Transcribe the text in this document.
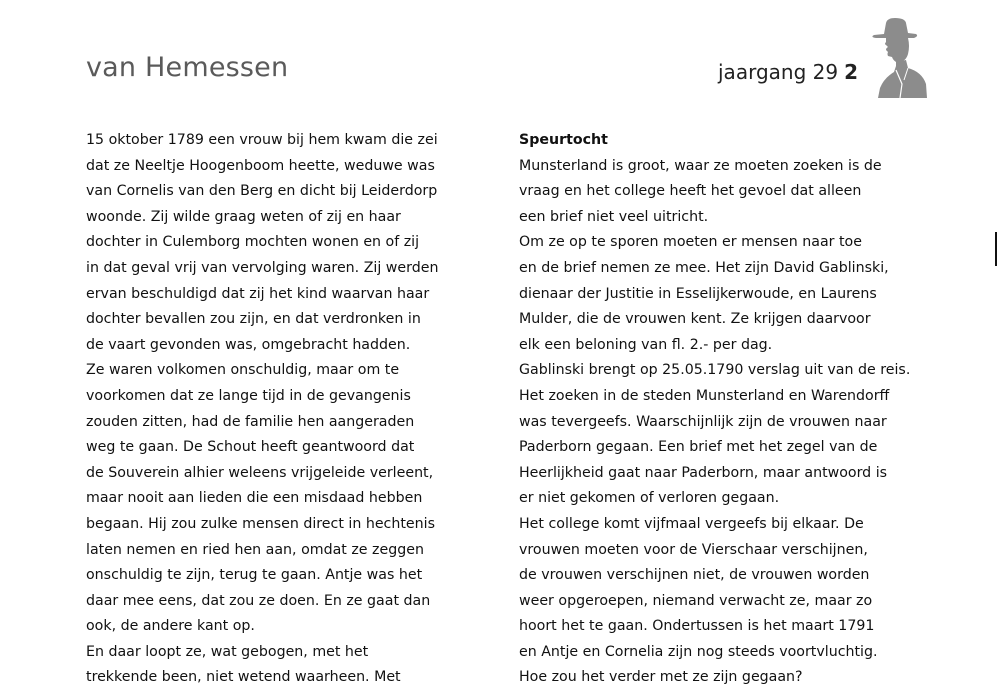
van Hemessen	jaargang 29 2
15 oktober 1789 een vrouw bij hem kwam die zei
dat ze Neeltje Hoogenboom heette, weduwe was
van Cornelis van den Berg en dicht bij Leiderdorp
woonde. Zij wilde graag weten of zij en haar
dochter in Culemborg mochten wonen en of zij
in dat geval vrij van vervolging waren. Zij werden
ervan beschuldigd dat zij het kind waarvan haar
dochter bevallen zou zijn, en dat verdronken in
de vaart gevonden was, omgebracht hadden.
Ze waren volkomen onschuldig, maar om te
voorkomen dat ze lange tijd in de gevangenis
zouden zitten, had de familie hen aangeraden
weg te gaan. De Schout heeft geantwoord dat
de Souverein alhier weleens vrijgeleide verleent,
maar nooit aan lieden die een misdaad hebben
begaan. Hij zou zulke mensen direct in hechtenis
laten nemen en ried hen aan, omdat ze zeggen
onschuldig te zijn, terug te gaan. Antje was het
daar mee eens, dat zou ze doen. En ze gaat dan
ook, de andere kant op.
En daar loopt ze, wat gebogen, met het
trekkende been, niet wetend waarheen. Met
Speurtocht
Munsterland is groot, waar ze moeten zoeken is de
vraag en het college heeft het gevoel dat alleen
een brief niet veel uitricht.
Om ze op te sporen moeten er mensen naar toe
en de brief nemen ze mee. Het zijn David Gablinski,
dienaar der Justitie in Esselijkerwoude, en Laurens
Mulder, die de vrouwen kent. Ze krijgen daarvoor
elk een beloning van fl. 2.- per dag.
Gablinski brengt op 25.05.1790 verslag uit van de reis.
Het zoeken in de steden Munsterland en Warendorff
was tevergeefs. Waarschijnlijk zijn de vrouwen naar
Paderborn gegaan. Een brief met het zegel van de
Heerlijkheid gaat naar Paderborn, maar antwoord is
er niet gekomen of verloren gegaan.
Het college komt vijfmaal vergeefs bij elkaar. De
vrouwen moeten voor de Vierschaar verschijnen,
de vrouwen verschijnen niet, de vrouwen worden
weer opgeroepen, niemand verwacht ze, maar zo
hoort het te gaan. Ondertussen is het maart 1791
en Antje en Cornelia zijn nog steeds voortvluchtig.
Hoe zou het verder met ze zijn gegaan?
